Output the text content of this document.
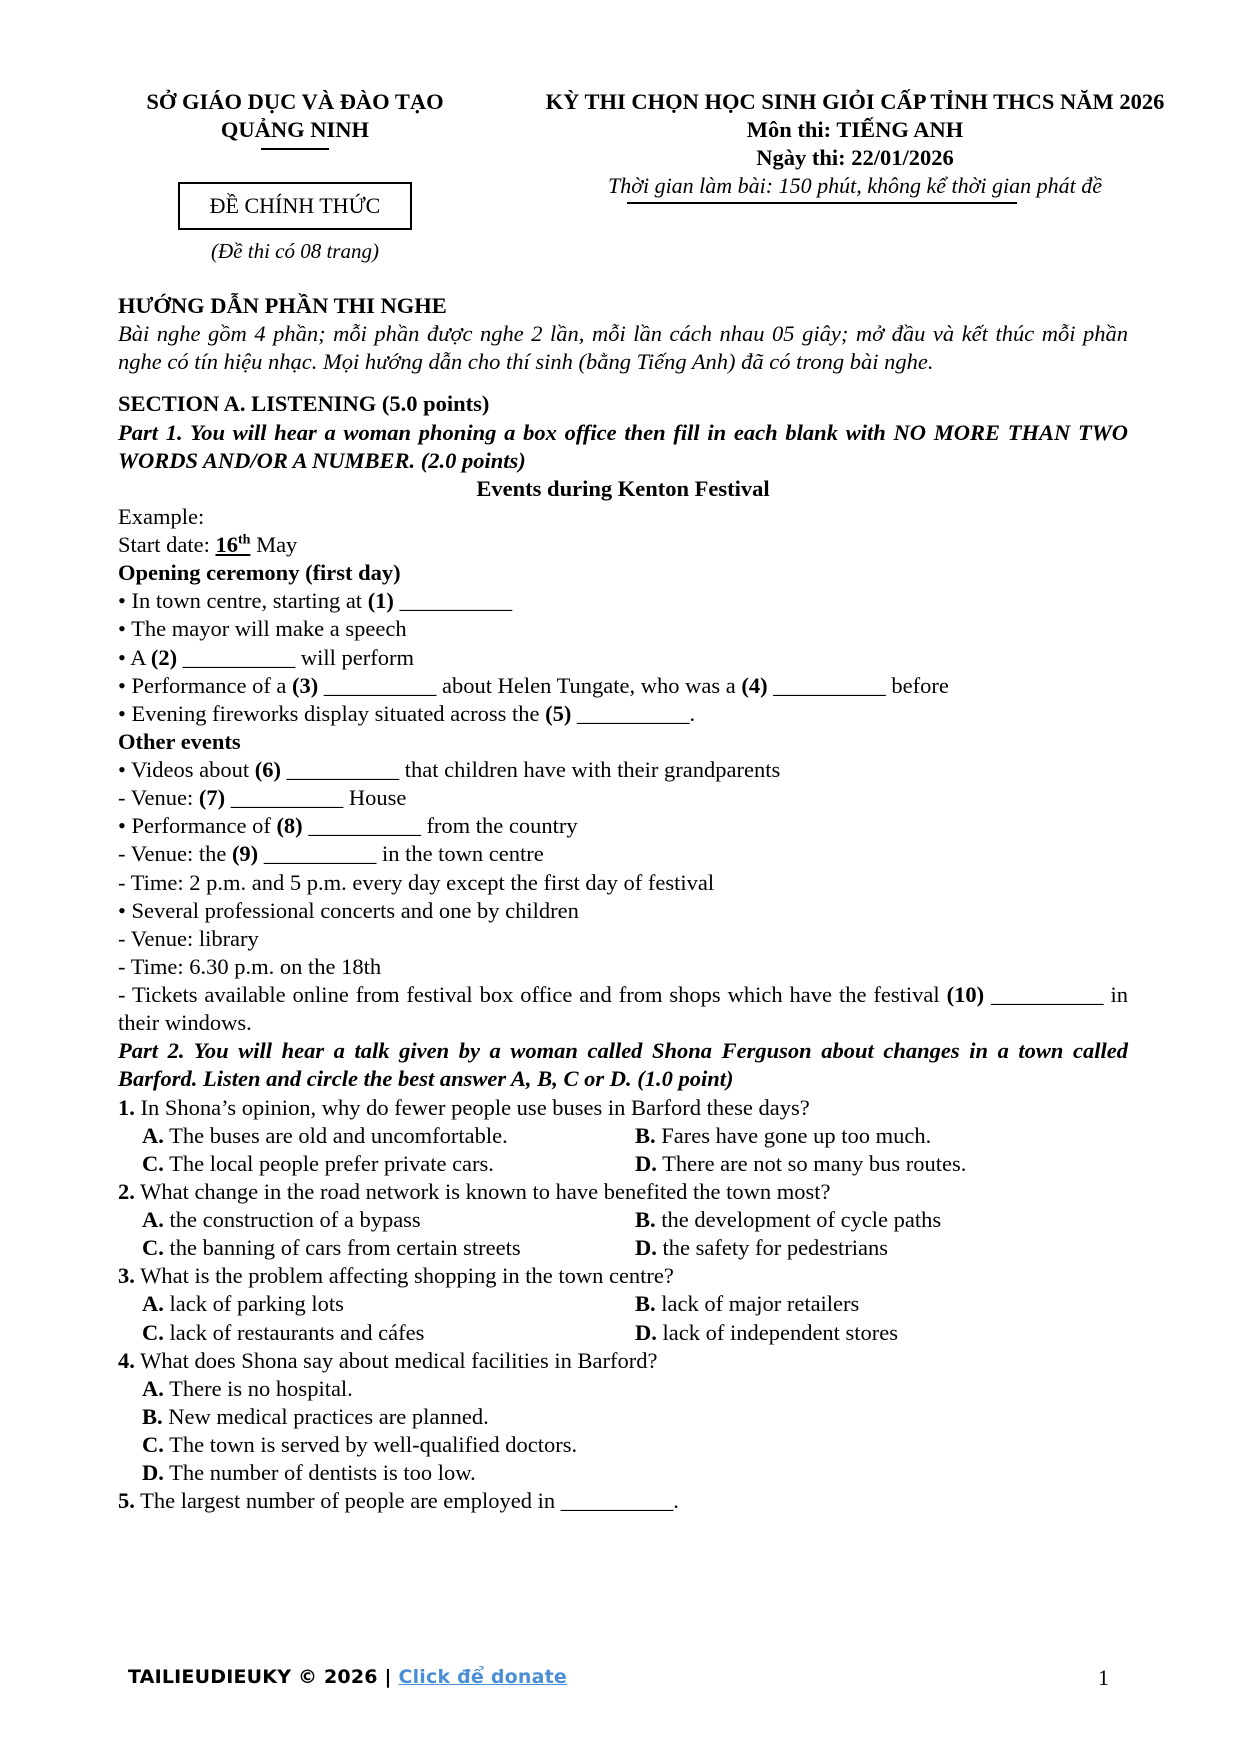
SỞ GIÁO DỤC VÀ ĐÀO TẠO
QUẢNG NINH
ĐỀ CHÍNH THỨC
(Đề thi có 08 trang)
KỲ THI CHỌN HỌC SINH GIỎI CẤP TỈNH THCS NĂM 2026
Môn thi: TIẾNG ANH
Ngày thi: 22/01/2026
Thời gian làm bài: 150 phút, không kể thời gian phát đề

HƯỚNG DẪN PHẦN THI NGHE

Bài nghe gồm 4 phần; mỗi phần được nghe 2 lần, mỗi lần cách nhau 05 giây; mở đầu và kết thúc mỗi phần nghe có tín hiệu nhạc. Mọi hướng dẫn cho thí sinh (bằng Tiếng Anh) đã có trong bài nghe.

SECTION A. LISTENING (5.0 points)

Part 1. You will hear a woman phoning a box office then fill in each blank with NO MORE THAN TWO WORDS AND/OR A NUMBER. (2.0 points)

Events during Kenton Festival

Example:

Start date: 16th May

Opening ceremony (first day)

• In town centre, starting at (1) __________

• The mayor will make a speech

• A (2) __________ will perform

• Performance of a (3) __________ about Helen Tungate, who was a (4) __________ before

• Evening fireworks display situated across the (5) __________.

Other events

• Videos about (6) __________ that children have with their grandparents

- Venue: (7) __________ House

• Performance of (8) __________ from the country

- Venue: the (9) __________ in the town centre

- Time: 2 p.m. and 5 p.m. every day except the first day of festival

• Several professional concerts and one by children

- Venue: library

- Time: 6.30 p.m. on the 18th

- Tickets available online from festival box office and from shops which have the festival (10) __________ in their windows.

Part 2. You will hear a talk given by a woman called Shona Ferguson about changes in a town called Barford. Listen and circle the best answer A, B, C or D. (1.0 point)

1. In Shona’s opinion, why do fewer people use buses in Barford these days?

A. The buses are old and uncomfortable.	B. Fares have gone up too much.
C. The local people prefer private cars.	D. There are not so many bus routes.

2. What change in the road network is known to have benefited the town most?

A. the construction of a bypass	B. the development of cycle paths
C. the banning of cars from certain streets	D. the safety for pedestrians

3. What is the problem affecting shopping in the town centre?

A. lack of parking lots	B. lack of major retailers
C. lack of restaurants and cáfes	D. lack of independent stores

4. What does Shona say about medical facilities in Barford?

A. There is no hospital.
B. New medical practices are planned.
C. The town is served by well-qualified doctors.
D. The number of dentists is too low.

5. The largest number of people are employed in __________.

TAILIEUDIEUKY © 2026 | Click để donate	1
